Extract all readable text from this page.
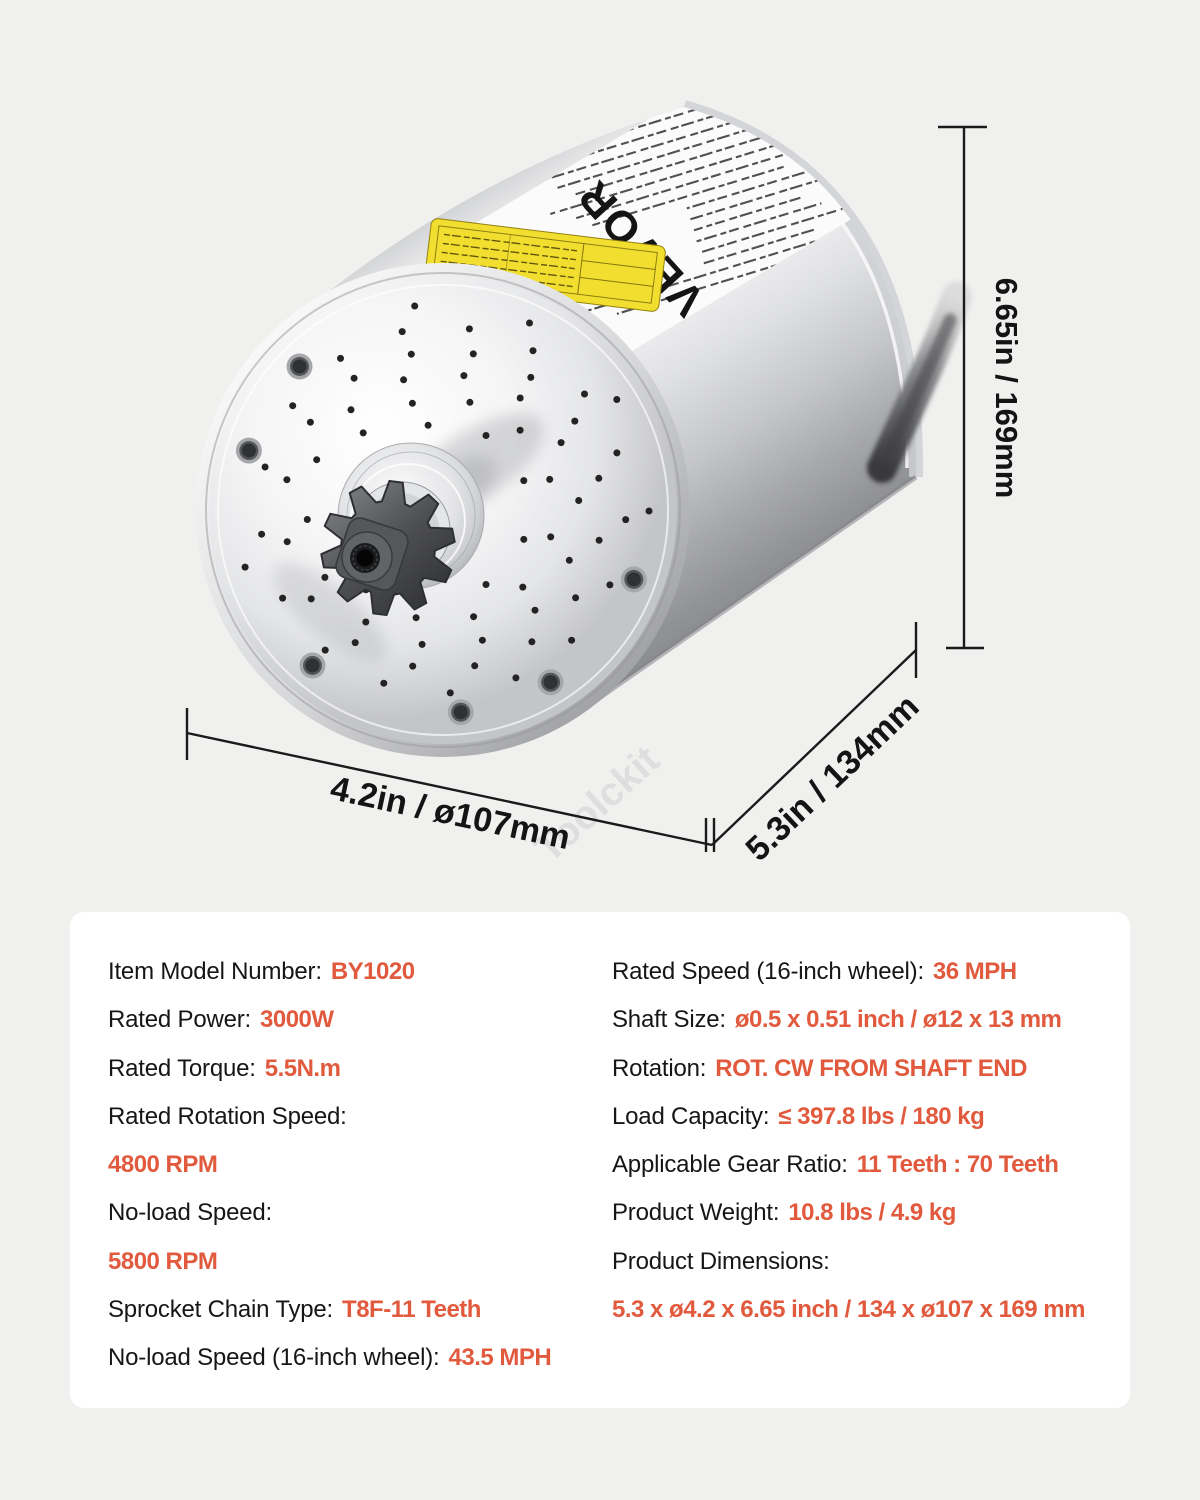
Toolckit
6.65in / 169mm
4.2in / ø107mm	5.3in / 134mm
Item Model Number: BY1020
Rated Power: 3000W
Rated Torque: 5.5N.m
Rated Rotation Speed:
4800 RPM
No-load Speed:
5800 RPM
Sprocket Chain Type: T8F-11 Teeth
No-load Speed (16-inch wheel): 43.5 MPH
Rated Speed (16-inch wheel): 36 MPH
Shaft Size: ø0.5 x 0.51 inch / ø12 x 13 mm
Rotation: ROT. CW FROM SHAFT END
Load Capacity: ≤ 397.8 lbs / 180 kg
Applicable Gear Ratio: 11 Teeth : 70 Teeth
Product Weight: 10.8 lbs / 4.9 kg
Product Dimensions:
5.3 x ø4.2 x 6.65 inch / 134 x ø107 x 169 mm
